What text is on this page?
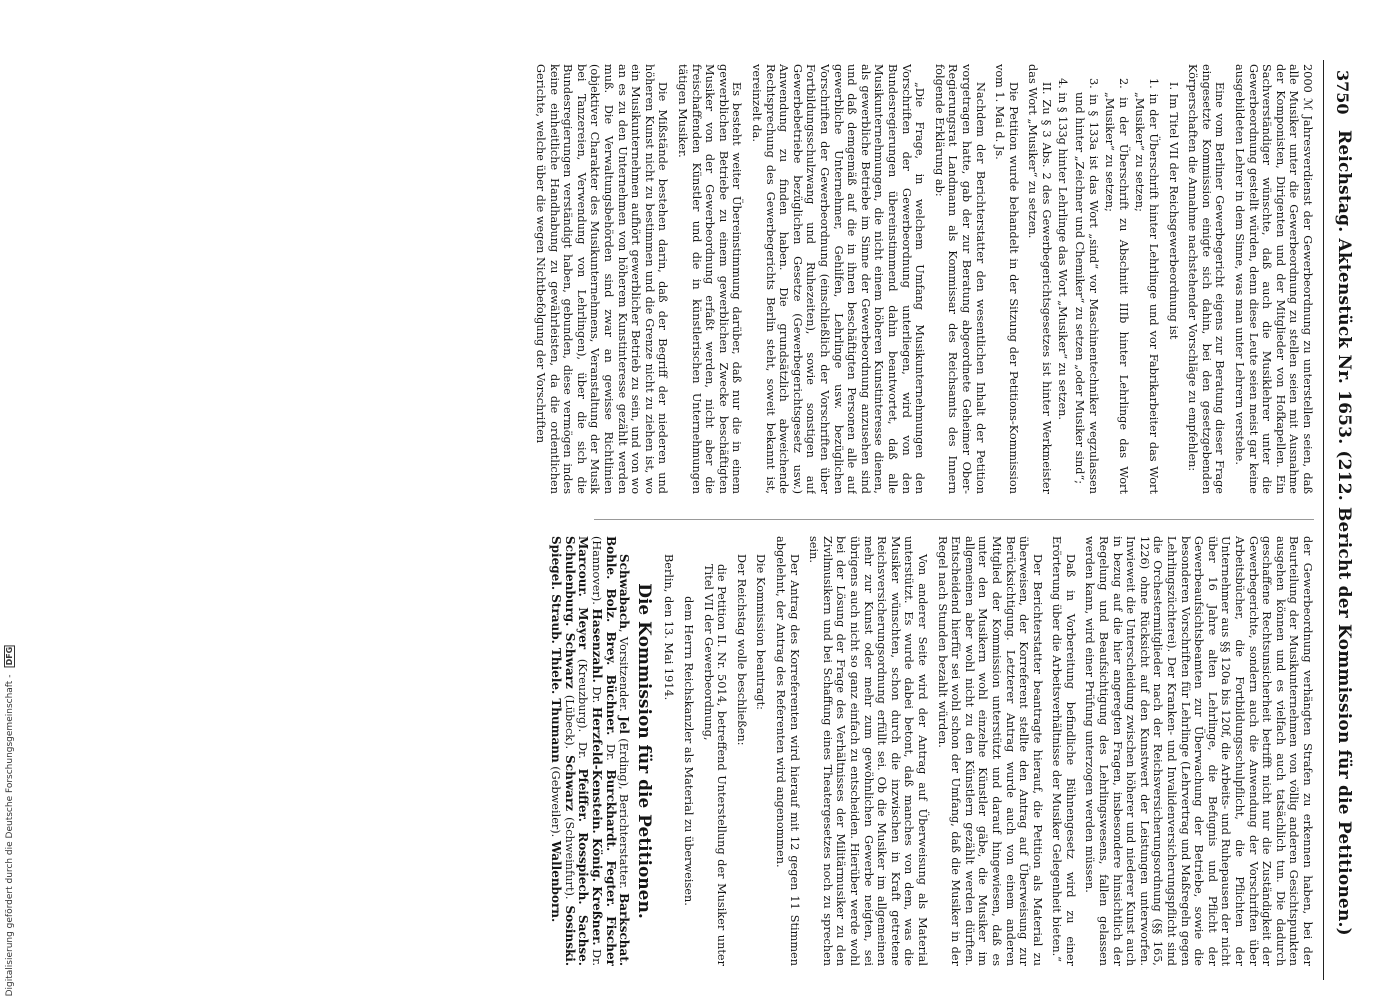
Digitalisierung gefördert durch die Deutsche Forschungsgemeinschaft - DFG
3750
Reichstag. Aktenstück Nr. 1653. (212. Bericht der Kommission für die Petitionen.)

2000 ℳ Jahresverdienst der Gewerbeordnung zu unterstellen seien, daß alle Musiker unter die Gewerbeordnung zu stellen seien mit Ausnahme der Komponisten, Dirigenten und der Mitglieder von Hofkapellen. Ein Sachverständiger wünschte, daß auch die Musiklehrer unter die Gewerbeordnung gestellt würden, denn diese Leute seien meist gar keine ausgebildeten Lehrer in dem Sinne, was man unter Lehrern verstehe.

Eine vom Berliner Gewerbegericht eigens zur Beratung dieser Frage eingesetzte Kommission einigte sich dahin, bei den gesetzgebenden Körperschaften die Annahme nachstehender Vorschläge zu empfehlen:

I. Im Titel VII der Reichsgewerbeordnung ist

1. in der Überschrift hinter Lehrlinge und vor Fabrikarbeiter das Wort „Musiker“ zu setzen;

2. in der Überschrift zu Abschnitt IIIb hinter Lehrlinge das Wort „Musiker“ zu setzen;

3. in § 133a ist das Wort „sind“ vor Maschinentechniker wegzulassen und hinter „Zeichner und Chemiker“ zu setzen „oder Musiker sind“;

4. in § 133g hinter Lehrlinge das Wort „Musiker“ zu setzen.

II. Zu § 3 Abs. 2 des Gewerbegerichtsgesetzes ist hinter Werkmeister das Wort „Musiker“ zu setzen.

Die Petition wurde behandelt in der Sitzung der Petitions-Kommission vom 1. Mai d. Js.

Nachdem der Berichterstatter den wesentlichen Inhalt der Petition vorgetragen hatte, gab der zur Beratung abgeordnete Geheimer Ober-Regierungsrat Landmann als Kommissar des Reichsamts des Innern folgende Erklärung ab:

„Die Frage, in welchem Umfang Musikunternehmungen den Vorschriften der Gewerbeordnung unterliegen, wird von den Bundesregierungen übereinstimmend dahin beantwortet, daß alle Musikunternehmungen, die nicht einem höheren Kunstinteresse dienen, als gewerbliche Betriebe im Sinne der Gewerbeordnung anzusehen sind und daß demgemäß auf die in ihnen beschäftigten Personen alle auf gewerbliche Unternehmer, Gehilfen, Lehrlinge usw. bezüglichen Vorschriften der Gewerbeordnung (einschließlich der Vorschriften über Fortbildungsschulzwang und Ruhezeiten), sowie sonstigen auf Gewerbebetriebe bezüglichen Gesetze (Gewerbegerichtsgesetz usw.) Anwendung zu finden haben. Die grundsätzlich abweichende Rechtsprechung des Gewerbegerichts Berlin steht, soweit bekannt ist, vereinzelt da.

Es besteht weiter Übereinstimmung darüber, daß nur die in einem gewerblichen Betriebe zu einem gewerblichen Zwecke beschäftigten Musiker von der Gewerbeordnung erfaßt werden, nicht aber die freischaffenden Künstler und die in künstlerischen Unternehmungen tätigen Musiker.

Die Mißstände bestehen darin, daß der Begriff der niederen und höheren Kunst nicht zu bestimmen und die Grenze nicht zu ziehen ist, wo ein Musikunternehmen aufhört gewerblicher Betrieb zu sein, und von wo an es zu den Unternehmen von höherem Kunstinteresse gezählt werden muß. Die Verwaltungsbehörden sind zwar an gewisse Richtlinien (objektiver Charakter des Musikunternehmens, Veranstaltung der Musik bei Tanzereien, Verwendung von Lehrlingen), über die sich die Bundesregierungen verständigt haben, gebunden, diese vermögen indes keine einheitliche Handhabung zu gewährleisten, da die ordentlichen Gerichte, welche über die wegen Nichtbefolgung der Vorschriften

der Gewerbeordnung verhängten Strafen zu erkennen haben, bei der Beurteilung der Musikunternehmen von völlig anderen Gesichtspunkten ausgehen können und es vielfach auch tatsächlich tun. Die dadurch geschaffene Rechtsunsicherheit betrifft nicht nur die Zuständigkeit der Gewerbegerichte, sondern auch die Anwendung der Vorschriften über Arbeitsbücher, die Fortbildungsschulpflicht, die Pflichten der Unternehmer aus §§ 120a bis 120f, die Arbeits- und Ruhepausen der nicht über 16 Jahre alten Lehrlinge, die Befugnis und Pflicht der Gewerbeaufsichtsbeamten zur Überwachung der Betriebe, sowie die besonderen Vorschriften für Lehrlinge (Lehrvertrag und Maßregeln gegen Lehrlingszüchterei). Der Kranken- und Invalidenversicherungspflicht sind die Orchestermitglieder nach der Reichsversicherungsordnung (§§ 165, 1226) ohne Rücksicht auf den Kunstwert der Leistungen unterworfen. Inwieweit die Unterscheidung zwischen höherer und niederer Kunst auch in bezug auf die hier angeregten Fragen, insbesondere hinsichtlich der Regelung und Beaufsichtigung des Lehrlingswesens, fallen gelassen werden kann, wird einer Prüfung unterzogen werden müssen.

Daß in Vorbereitung befindliche Bühnengesetz wird zu einer Erörterung über die Arbeitsverhältnisse der Musiker Gelegenheit bieten.“

Der Berichterstatter beantragte hierauf, die Petition als Material zu überweisen, der Korreferent stellte den Antrag auf Überweisung zur Berücksichtigung. Letzterer Antrag wurde auch von einem anderen Mitglied der Kommission unterstützt und darauf hingewiesen, daß es unter den Musikern wohl einzelne Künstler gäbe, die Musiker im allgemeinen aber wohl nicht zu den Künstlern gezählt werden dürften. Entscheidend hierfür sei wohl schon der Umfang, daß die Musiker in der Regel nach Stunden bezahlt würden.

Von anderer Seite wird der Antrag auf Überweisung als Material unterstützt. Es wurde dabei betont, daß manches von dem, was die Musiker wünschten, schon durch die inzwischen in Kraft getretene Reichsversicherungsordnung erfüllt sei. Ob die Musiker im allgemeinen mehr zur Kunst oder mehr zum gewöhnlichen Gewerbe neigten, sei übrigens auch nicht so ganz einfach zu entscheiden. Hierüber werde wohl bei der Lösung der Frage des Verhältnisses der Militärmusiker zu den Zivilmusikern und bei Schaffung eines Theatergesetzes noch zu sprechen sein.

Der Antrag des Korreferenten wird hierauf mit 12 gegen 11 Stimmen abgelehnt, der Antrag des Referenten wird angenommen.

Die Kommission beantragt:

Der Reichstag wolle beschließen:

die Petition II. Nr. 5014, betreffend Unterstellung der Musiker unter Titel VII der Gewerbeordnung,

dem Herrn Reichskanzler als Material zu überweisen.

Berlin, den 13. Mai 1914.

Die Kommission für die Petitionen.

Schwabach, Vorsitzender. Jel (Erding), Berichterstatter. Barkschat. Bohle. Bolz. Brey. Büchner. Dr. Burckhardt. Fegter. Fischer (Hannover). Hasenzahl. Dr. Herzfeld-Kenstein. König. Kreßner. Dr. Marcour. Meyer (Kreuzburg). Dr. Pfeiffer. Rosspiech. Sachse. Schulenburg. Schwarz (Lübeck). Schwarz (Schweinfurt). Sosinski. Spiegel. Straub. Thiele. Thumann (Gebweiler). Wallenborn.
